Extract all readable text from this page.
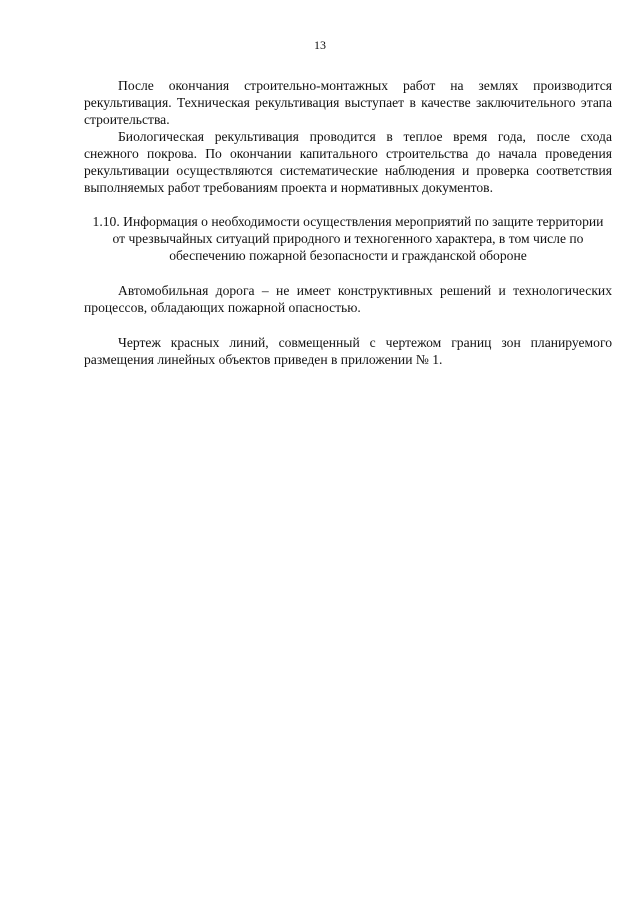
13

После окончания строительно-монтажных работ на землях производится рекультивация. Техническая рекультивация выступает в качестве заключительного этапа строительства.

Биологическая рекультивация проводится в теплое время года, после схода снежного покрова. По окончании капитального строительства до начала проведения рекультивации осуществляются систематические наблюдения и проверка соответствия выполняемых работ требованиям проекта и нормативных документов.

1.10. Информация о необходимости осуществления мероприятий по защите территории от чрезвычайных ситуаций природного и техногенного характера, в том числе по обеспечению пожарной безопасности и гражданской обороне

Автомобильная дорога – не имеет конструктивных решений и технологических процессов, обладающих пожарной опасностью.

Чертеж красных линий, совмещенный с чертежом границ зон планируемого размещения линейных объектов приведен в приложении № 1.
